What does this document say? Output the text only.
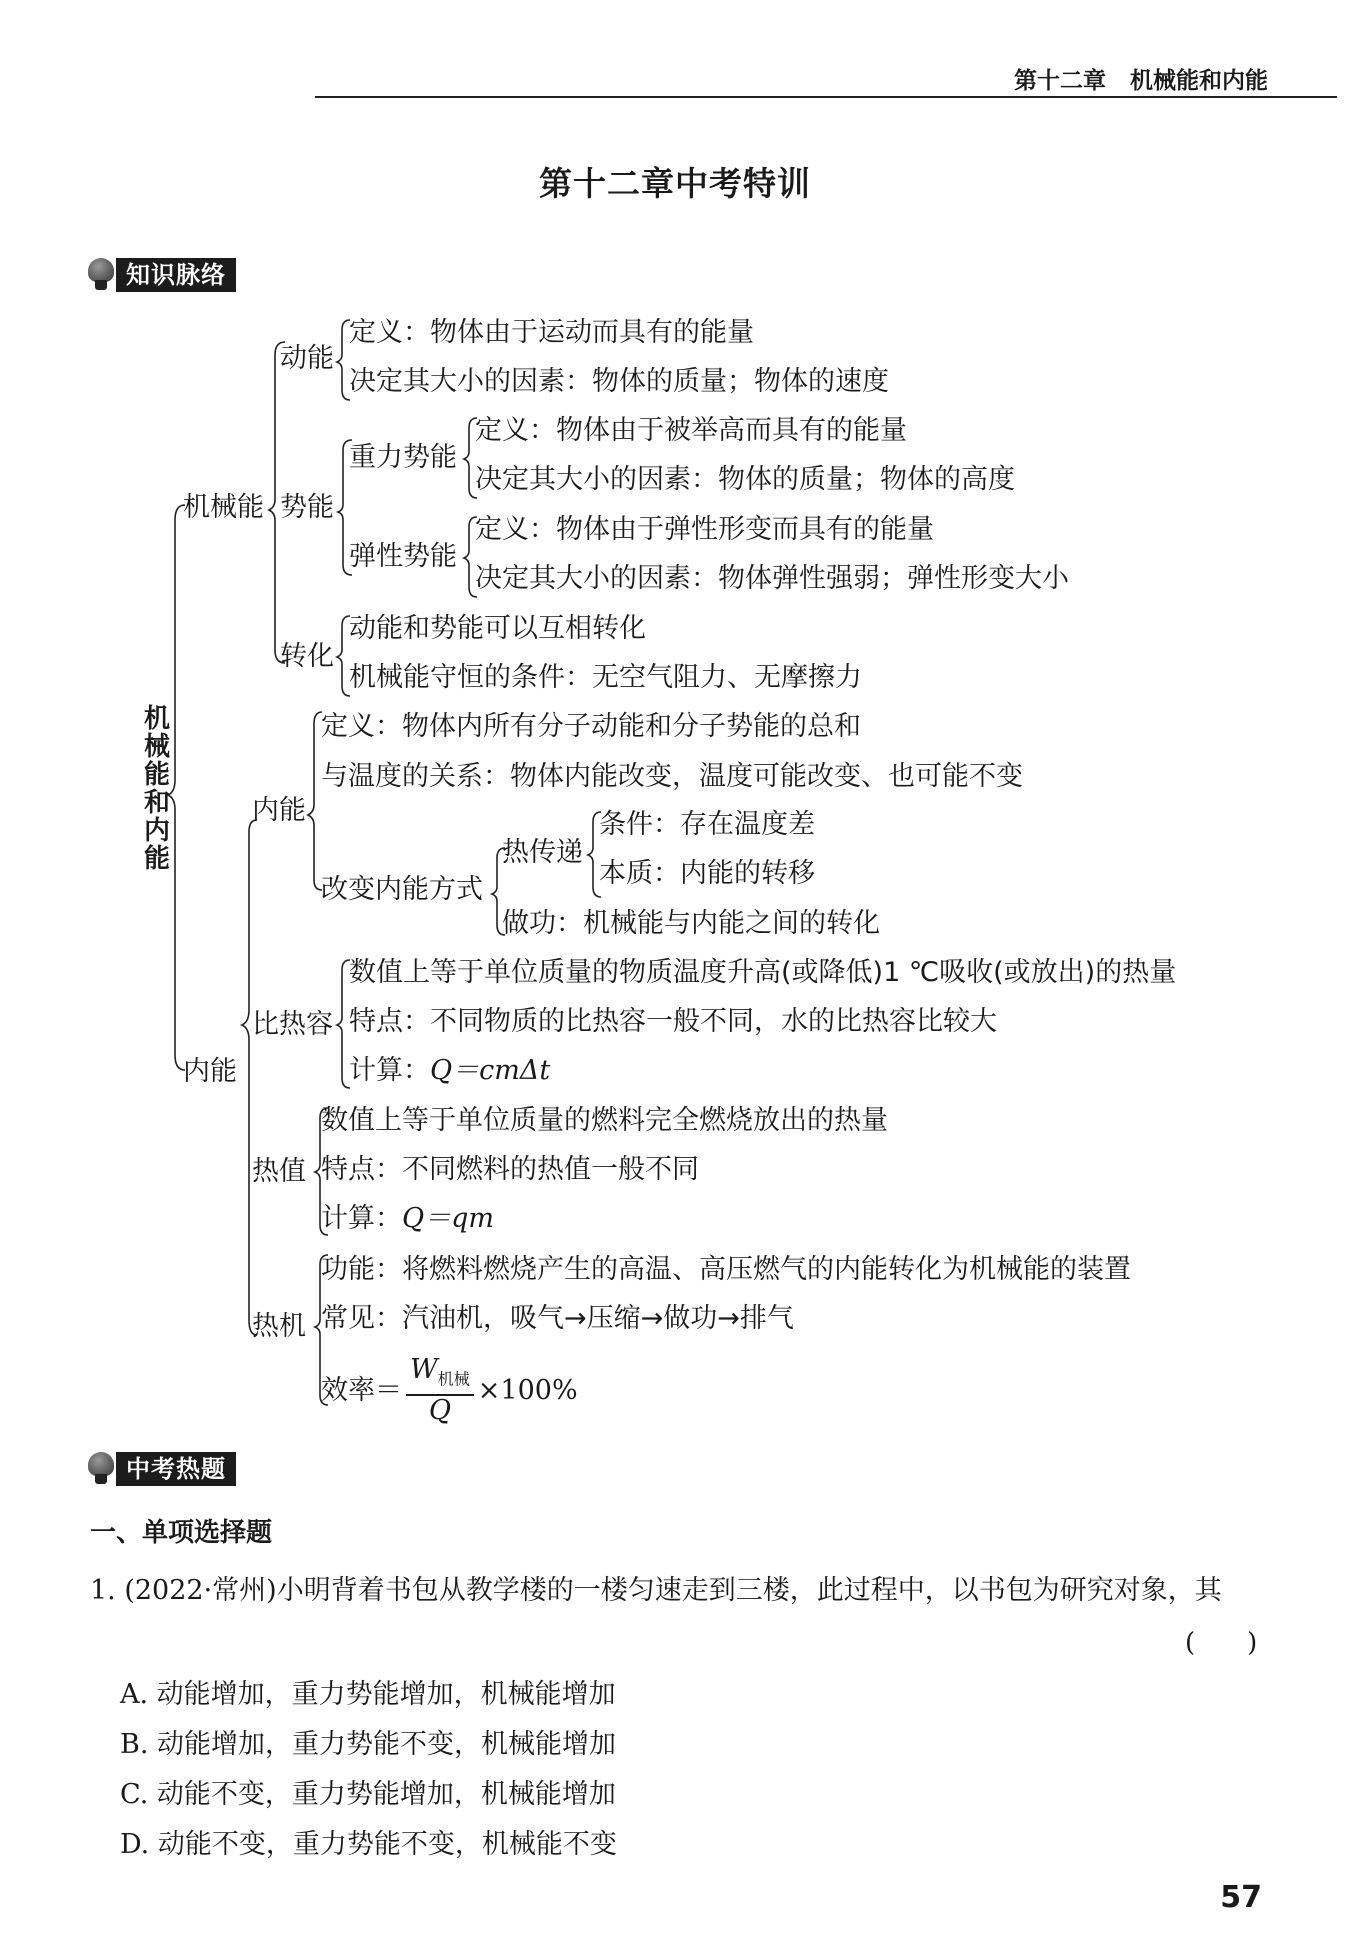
第十二章 机械能和内能
第十二章中考特训
知识脉络
机械能和内能
机械能
动能
定义：物体由于运动而具有的能量
决定其大小的因素：物体的质量；物体的速度
势能
重力势能
定义：物体由于被举高而具有的能量
决定其大小的因素：物体的质量；物体的高度
弹性势能
定义：物体由于弹性形变而具有的能量
决定其大小的因素：物体弹性强弱；弹性形变大小
转化
动能和势能可以互相转化
机械能守恒的条件：无空气阻力、无摩擦力
内能
内能
定义：物体内所有分子动能和分子势能的总和
与温度的关系：物体内能改变，温度可能改变、也可能不变
改变内能方式
热传递
条件：存在温度差
本质：内能的转移
做功：机械能与内能之间的转化
比热容
数值上等于单位质量的物质温度升高(或降低)1 ℃吸收(或放出)的热量
特点：不同物质的比热容一般不同，水的比热容比较大
计算：Q＝cmΔt
热值
数值上等于单位质量的燃料完全燃烧放出的热量
特点：不同燃料的热值一般不同
计算：Q＝qm
热机
功能：将燃料燃烧产生的高温、高压燃气的内能转化为机械能的装置
常见：汽油机，吸气→压缩→做功→排气
效率＝ $\frac{W_{机械}}{Q} \times 100\%$
中考热题
一、单项选择题
1. (2022·常州)小明背着书包从教学楼的一楼匀速走到三楼，此过程中，以书包为研究对象，其
(　　)
A. 动能增加，重力势能增加，机械能增加
B. 动能增加，重力势能不变，机械能增加
C. 动能不变，重力势能增加，机械能增加
D. 动能不变，重力势能不变，机械能不变
57
